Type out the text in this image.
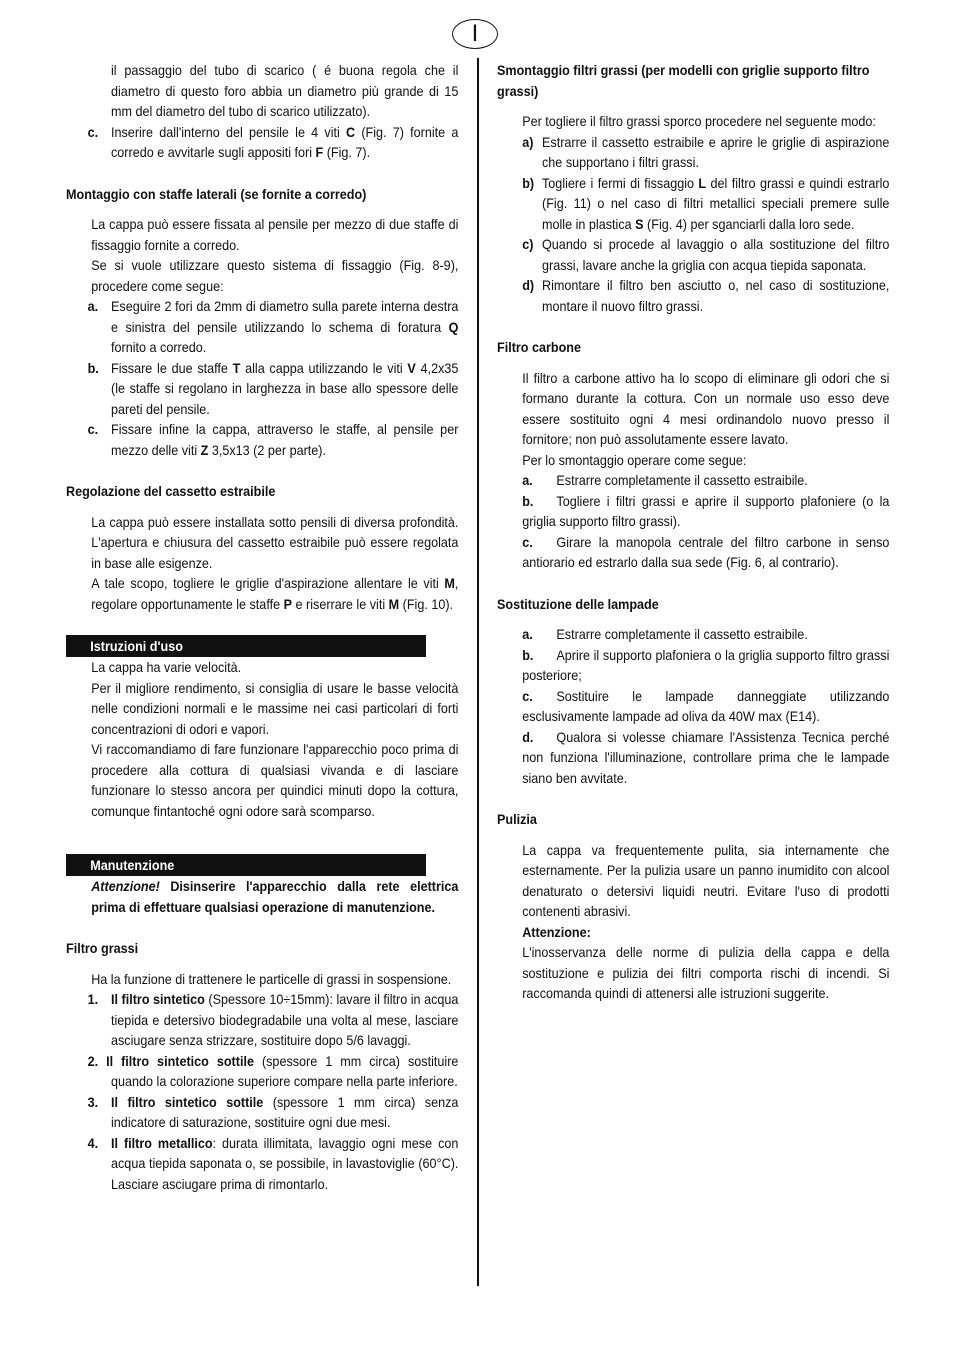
I

il passaggio del tubo di scarico ( é buona regola che il diametro di questo foro abbia un diametro più grande di 15 mm del diametro del tubo di scarico utilizzato).

c. Inserire dall'interno del pensile le 4 viti C (Fig. 7) fornite a corredo e avvitarle sugli appositi fori F (Fig. 7).

Montaggio con staffe laterali (se fornite a corredo)

La cappa può essere fissata al pensile per mezzo di due staffe di fissaggio fornite a corredo.

Se si vuole utilizzare questo sistema di fissaggio (Fig. 8-9), procedere come segue:

a. Eseguire 2 fori da 2mm di diametro sulla parete interna destra e sinistra del pensile utilizzando lo schema di foratura Q fornito a corredo.

b. Fissare le due staffe T alla cappa utilizzando le viti V 4,2x35 (le staffe si regolano in larghezza in base allo spessore delle pareti del pensile.

c. Fissare infine la cappa, attraverso le staffe, al pensile per mezzo delle viti Z 3,5x13 (2 per parte).

Regolazione del cassetto estraibile

La cappa può essere installata sotto pensili di diversa profondità. L'apertura e chiusura del cassetto estraibile può essere regolata in base alle esigenze.

A tale scopo, togliere le griglie d'aspirazione allentare le viti M, regolare opportunamente le staffe P e riserrare le viti M (Fig. 10).

Istruzioni d'uso

La cappa ha varie velocità.

Per il migliore rendimento, si consiglia di usare le basse velocità nelle condizioni normali e le massime nei casi particolari di forti concentrazioni di odori e vapori.

Vi raccomandiamo di fare funzionare l'apparecchio poco prima di procedere alla cottura di qualsiasi vivanda e di lasciare funzionare lo stesso ancora per quindici minuti dopo la cottura, comunque fintantoché ogni odore sarà scomparso.

Manutenzione

Attenzione! Disinserire l'apparecchio dalla rete elettrica prima di effettuare qualsiasi operazione di manutenzione.

Filtro grassi

Ha la funzione di trattenere le particelle di grassi in sospensione.

1. Il filtro sintetico (Spessore 10÷15mm): lavare il filtro in acqua tiepida e detersivo biodegradabile una volta al mese, lasciare asciugare senza strizzare, sostituire dopo 5/6 lavaggi.

2. Il filtro sintetico sottile (spessore 1 mm circa) sostituire quando la colorazione superiore compare nella parte inferiore.

3. Il filtro sintetico sottile (spessore 1 mm circa) senza indicatore di saturazione, sostituire ogni due mesi.

4. Il filtro metallico: durata illimitata, lavaggio ogni mese con acqua tiepida saponata o, se possibile, in lavastoviglie (60°C). Lasciare asciugare prima di rimontarlo.

Smontaggio filtri grassi (per modelli con griglie supporto filtro grassi)

Per togliere il filtro grassi sporco procedere nel seguente modo:

a) Estrarre il cassetto estraibile e aprire le griglie di aspirazione che supportano i filtri grassi.

b) Togliere i fermi di fissaggio L del filtro grassi e quindi estrarlo (Fig. 11) o nel caso di filtri metallici speciali premere sulle molle in plastica S (Fig. 4) per sganciarli dalla loro sede.

c) Quando si procede al lavaggio o alla sostituzione del filtro grassi, lavare anche la griglia con acqua tiepida saponata.

d) Rimontare il filtro ben asciutto o, nel caso di sostituzione, montare il nuovo filtro grassi.

Filtro carbone

Il filtro a carbone attivo ha lo scopo di eliminare gli odori che si formano durante la cottura. Con un normale uso esso deve essere sostituito ogni 4 mesi ordinandolo nuovo presso il fornitore; non può assolutamente essere lavato.

Per lo smontaggio operare come segue:

a. Estrarre completamente il cassetto estraibile.

b. Togliere i filtri grassi e aprire il supporto plafoniere (o la griglia supporto filtro grassi).

c. Girare la manopola centrale del filtro carbone in senso antiorario ed estrarlo dalla sua sede (Fig. 6, al contrario).

Sostituzione delle lampade

a. Estrarre completamente il cassetto estraibile.

b. Aprire il supporto plafoniera o la griglia supporto filtro grassi posteriore;

c. Sostituire le lampade danneggiate utilizzando esclusivamente lampade ad oliva da 40W max (E14).

d. Qualora si volesse chiamare l'Assistenza Tecnica perché non funziona l'illuminazione, controllare prima che le lampade siano ben avvitate.

Pulizia

La cappa va frequentemente pulita, sia internamente che esternamente. Per la pulizia usare un panno inumidito con alcool denaturato o detersivi liquidi neutri. Evitare l'uso di prodotti contenenti abrasivi.

Attenzione:

L'inosservanza delle norme di pulizia della cappa e della sostituzione e pulizia dei filtri comporta rischi di incendi. Si raccomanda quindi di attenersi alle istruzioni suggerite.
